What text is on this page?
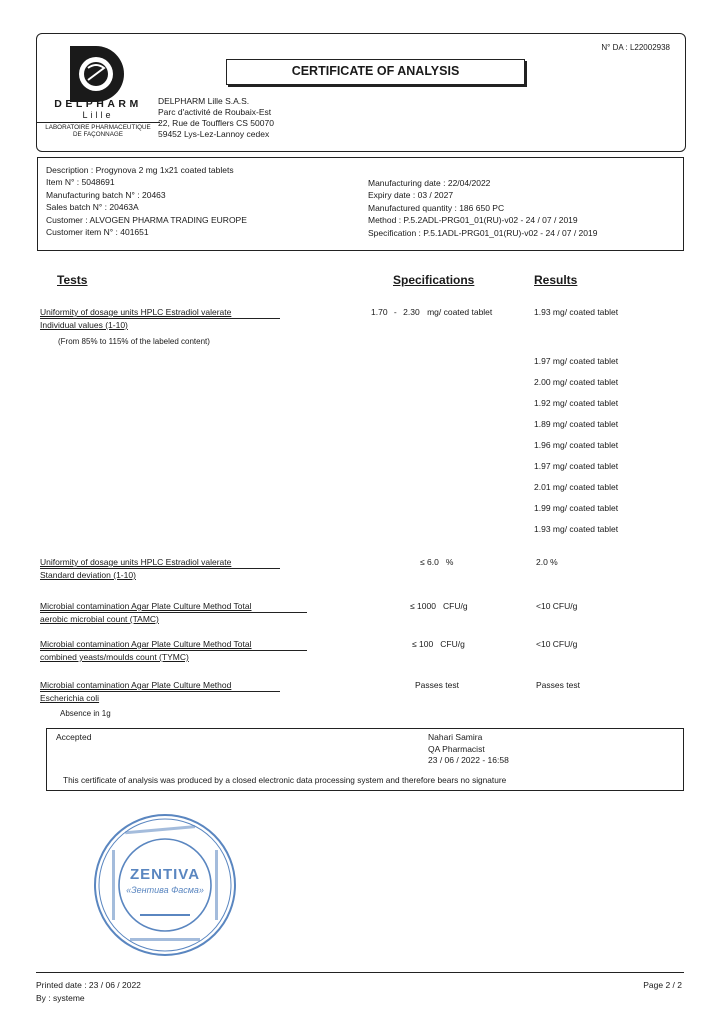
N° DA : L22002938
CERTIFICATE OF ANALYSIS
DELPHARM
Lille
LABORATOIRE PHARMACEUTIQUE
DE FAÇONNAGE
DELPHARM Lille S.A.S.
Parc d'activité de Roubaix-Est
22, Rue de Toufflers CS 50070
59452 Lys-Lez-Lannoy cedex
Description : Progynova 2 mg 1x21 coated tablets
Item N° : 5048691
Manufacturing batch N° : 20463
Sales batch N° : 20463A
Customer : ALVOGEN PHARMA TRADING EUROPE
Customer item N° : 401651
Manufacturing date : 22/04/2022
Expiry date : 03 / 2027
Manufactured quantity : 186 650 PC
Method : P.5.2ADL-PRG01_01(RU)-v02 - 24 / 07 / 2019
Specification : P.5.1ADL-PRG01_01(RU)-v02 - 24 / 07 / 2019
Tests	Specifications	Results
Uniformity of dosage units HPLC Estradiol valerate
Individual values (1-10)
(From 85% to 115% of the labeled content)
1.70 - 2.30 mg/ coated tablet	1.93 mg/ coated tablet
1.97 mg/ coated tablet
2.00 mg/ coated tablet
1.92 mg/ coated tablet
1.89 mg/ coated tablet
1.96 mg/ coated tablet
1.97 mg/ coated tablet
2.01 mg/ coated tablet
1.99 mg/ coated tablet
1.93 mg/ coated tablet
Uniformity of dosage units HPLC Estradiol valerate
Standard deviation (1-10)
≤ 6.0   %	2.0 %
Microbial contamination Agar Plate Culture Method Total
aerobic microbial count (TAMC)
≤ 1000   CFU/g	<10 CFU/g
Microbial contamination Agar Plate Culture Method Total
combined yeasts/moulds count (TYMC)
≤ 100   CFU/g	<10 CFU/g
Microbial contamination Agar Plate Culture Method
Escherichia coli
Absence in 1g
Passes test	Passes test
Accepted	Nahari Samira
QA Pharmacist
23 / 06 / 2022 - 16:58
This certificate of analysis was produced by a closed electronic data processing system and therefore bears no signature
ZENTIVA
«Зентива Фасма»
Printed date : 23 / 06 / 2022
By : systeme
Page 2 / 2
